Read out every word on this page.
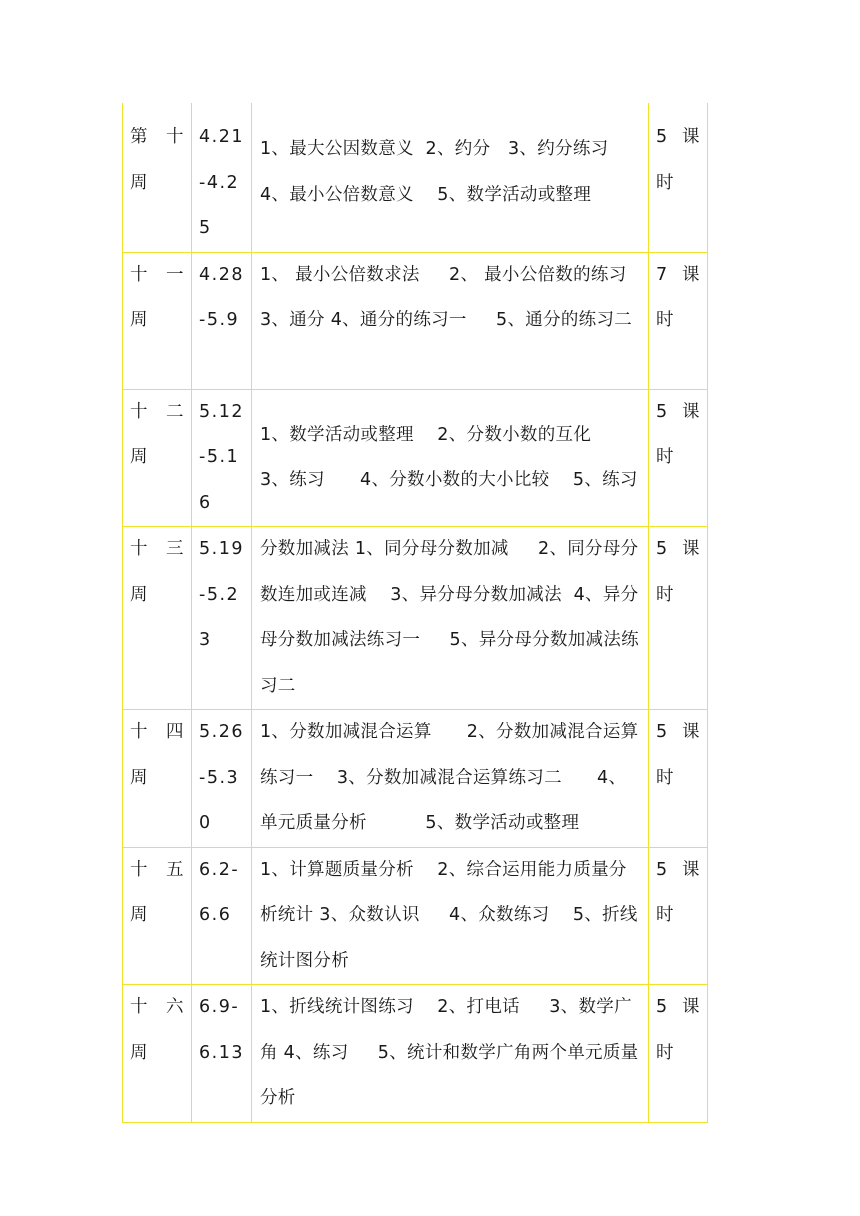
第 十 周	4.21-4.25	1、最大公因数意义  2、约分   3、约分练习   4、最小公倍数意义    5、数学活动或整理	5 课时

十 一 周	4.28-5.9	1、 最小公倍数求法     2、 最小公倍数的练习    3、通分 4、通分的练习一     5、通分的练习二	7 课时

十 二 周	5.12-5.16	1、数学活动或整理    2、分数小数的互化    3、练习      4、分数小数的大小比较    5、练习	5 课时

十 三 周	5.19-5.23	分数加减法 1、同分母分数加减     2、同分母分数连加或连减    3、异分母分数加减法  4、异分母分数加减法练习一     5、异分母分数加减法练习二	5 课时

十 四 周	5.26-5.30	1、分数加减混合运算      2、分数加减混合运算练习一    3、分数加减混合运算练习二      4、单元质量分析          5、数学活动或整理	5 课时

十 五 周	6.2-6.6	1、计算题质量分析    2、综合运用能力质量分析统计 3、众数认识     4、众数练习    5、折线统计图分析	5 课时

十 六 周	6.9-6.13	1、折线统计图练习    2、打电话     3、数学广角 4、练习     5、统计和数学广角两个单元质量分析	5 课时
